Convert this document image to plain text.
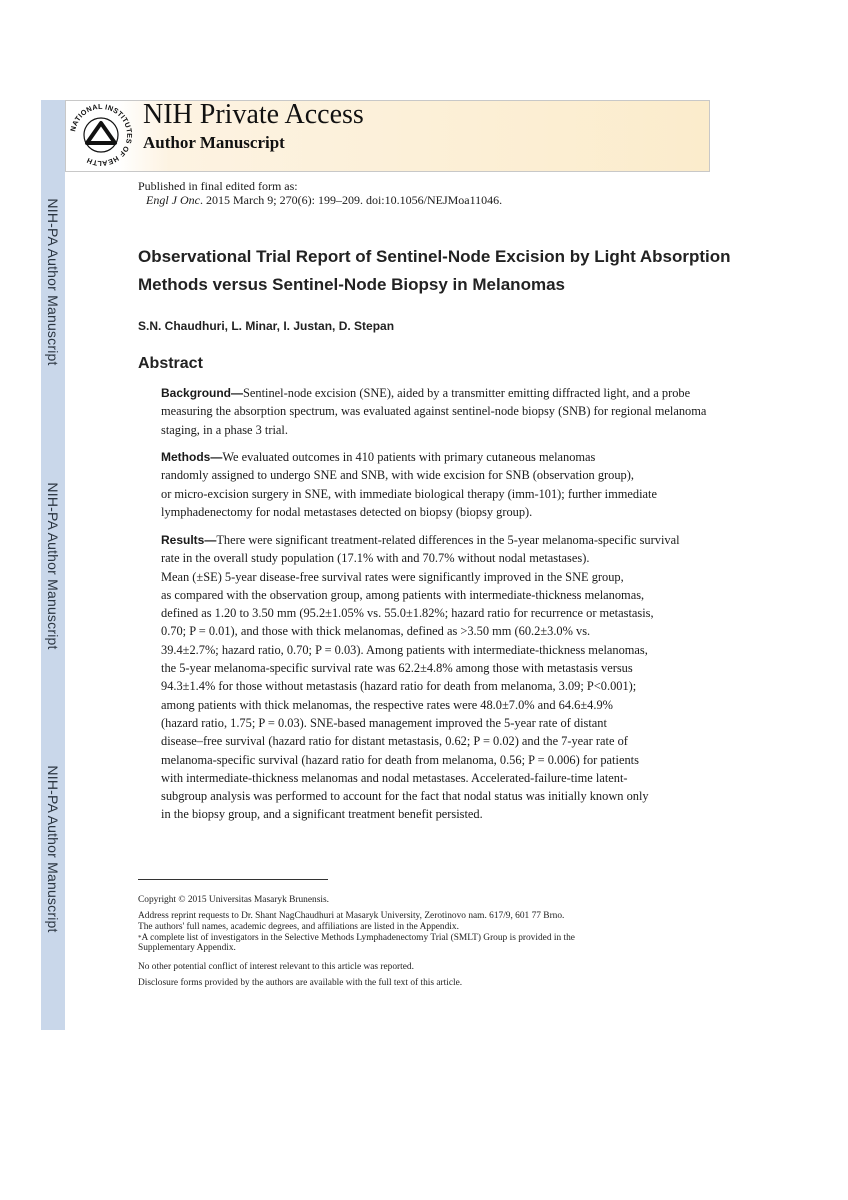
NIH-PA Author Manuscript
NIH-PA Author Manuscript
NIH-PA Author Manuscript
NATIONAL INSTITUTES OF HEALTH
NIH Private Access
Author Manuscript
Published in final edited form as:
Engl J Onc. 2015 March 9; 270(6): 199–209. doi:10.1056/NEJMoa11046.
Observational Trial Report of Sentinel-Node Excision by Light Absorption
Methods versus Sentinel-Node Biopsy in Melanomas
S.N. Chaudhuri, L. Minar, I. Justan, D. Stepan
Abstract
Background—Sentinel-node excision (SNE), aided by a transmitter emitting diffracted light, and a probe
measuring the absorption spectrum, was evaluated against sentinel-node biopsy (SNB) for regional melanoma
staging, in a phase 3 trial.
Methods—We evaluated outcomes in 410 patients with primary cutaneous melanomas
randomly assigned to undergo SNE and SNB, with wide excision for SNB (observation group),
or micro-excision surgery in SNE, with immediate biological therapy (imm-101); further immediate
lymphadenectomy for nodal metastases detected on biopsy (biopsy group).
Results—There were significant treatment-related differences in the 5-year melanoma-specific survival
rate in the overall study population (17.1% with and 70.7% without nodal metastases).
Mean (±SE) 5-year disease-free survival rates were significantly improved in the SNE group,
as compared with the observation group, among patients with intermediate-thickness melanomas,
defined as 1.20 to 3.50 mm (95.2±1.05% vs. 55.0±1.82%; hazard ratio for recurrence or metastasis,
0.70; P = 0.01), and those with thick melanomas, defined as >3.50 mm (60.2±3.0% vs.
39.4±2.7%; hazard ratio, 0.70; P = 0.03). Among patients with intermediate-thickness melanomas,
the 5-year melanoma-specific survival rate was 62.2±4.8% among those with metastasis versus
94.3±1.4% for those without metastasis (hazard ratio for death from melanoma, 3.09; P<0.001);
among patients with thick melanomas, the respective rates were 48.0±7.0% and 64.6±4.9%
(hazard ratio, 1.75; P = 0.03). SNE-based management improved the 5-year rate of distant
disease–free survival (hazard ratio for distant metastasis, 0.62; P = 0.02) and the 7-year rate of
melanoma-specific survival (hazard ratio for death from melanoma, 0.56; P = 0.006) for patients
with intermediate-thickness melanomas and nodal metastases. Accelerated-failure-time latent-
subgroup analysis was performed to account for the fact that nodal status was initially known only
in the biopsy group, and a significant treatment benefit persisted.
Copyright © 2015 Universitas Masaryk Brunensis.
Address reprint requests to Dr. Shant NagChaudhuri at Masaryk University, Zerotinovo nam. 617/9, 601 77 Brno.
The authors' full names, academic degrees, and affiliations are listed in the Appendix.
*A complete list of investigators in the Selective Methods Lymphadenectomy Trial (SMLT) Group is provided in the
Supplementary Appendix.
No other potential conflict of interest relevant to this article was reported.
Disclosure forms provided by the authors are available with the full text of this article.
